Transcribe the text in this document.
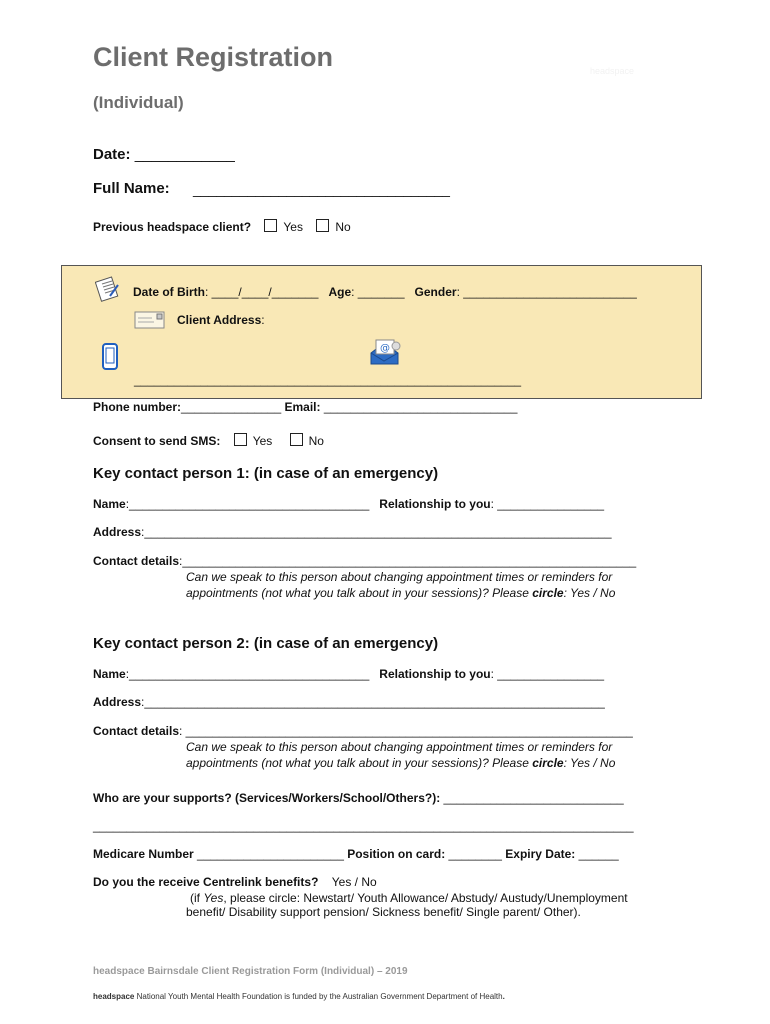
Client Registration	headspace
(Individual)
Date: ____________
Full Name: _________________________________
Previous headspace client?	Yes	No
Date of Birth: ____/____/_______ Age: _______ Gender: __________________________
Client Address:
@
__________________________________________________________
Phone number:_______________ Email: _____________________________
Consent to send SMS:	Yes	No
Key contact person 1: (in case of an emergency)
Name:____________________________________ Relationship to you: ________________
Address:______________________________________________________________________
Contact details:____________________________________________________________________
Can we speak to this person about changing appointment times or reminders for
appointments (not what you talk about in your sessions)? Please circle: Yes / No
Key contact person 2: (in case of an emergency)
Name:____________________________________ Relationship to you: ________________
Address:_____________________________________________________________________
Contact details: ___________________________________________________________________
Can we speak to this person about changing appointment times or reminders for
appointments (not what you talk about in your sessions)? Please circle: Yes / No
Who are your supports? (Services/Workers/School/Others?): ___________________________
_________________________________________________________________________________
Medicare Number ______________________ Position on card: ________ Expiry Date: ______
Do you the receive Centrelink benefits? Yes / No
(if Yes, please circle: Newstart/ Youth Allowance/ Abstudy/ Austudy/Unemployment
benefit/ Disability support pension/ Sickness benefit/ Single parent/ Other).
headspace Bairnsdale Client Registration Form (Individual) – 2019
headspace National Youth Mental Health Foundation is funded by the Australian Government Department of Health.
